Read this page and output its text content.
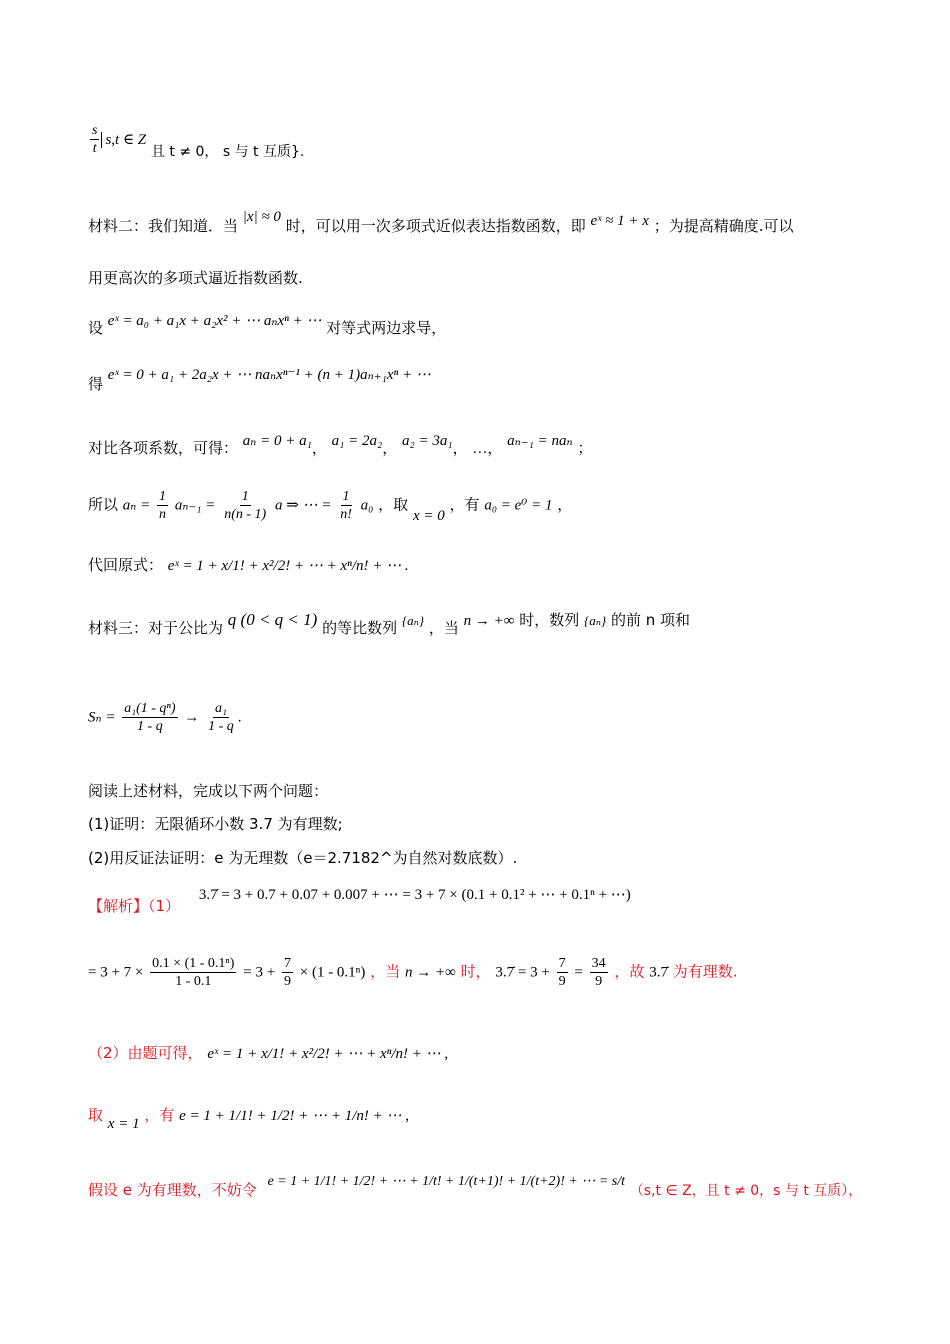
$\frac{s}{t} s,t$ ∈ Z 且 t ≠ 0， s 与 t 互质}.
材料二：我们知道．当 |x| ≈ 0 时，可以用一次多项式近似表达指数函数，即 eˣ ≈ 1 + x ；为提高精确度.可以
用更高次的多项式逼近指数函数.
设 eˣ = a₀ + a₁x + a₂x² + ⋯ aₙxⁿ + ⋯ 对等式两边求导，
得 eˣ = 0 + a₁ + 2a₂x + ⋯ naₙxⁿ⁻¹ + (n + 1)aₙ₊₁xⁿ + ⋯
对比各项系数，可得： aₙ = 0 + a₁， a₁ = 2a₂， a₂ = 3a₁， …， aₙ₋₁ = naₙ ；
所以 $a_n = \frac{1}{n} a_{n-1} = \frac{1}{n(n - 1)}$ a ⇒ ⋯ = $\frac{1}{n!} a_0$ ，取 x = 0 ，有 a₀ = e⁰ = 1 ，
代回原式： eˣ = 1 + x/1! + x²/2! + ⋯ + xⁿ/n! + ⋯ .
材料三：对于公比为 q (0 < q < 1) 的等比数列 {aₙ} ，当 n → +∞ 时，数列 {aₙ} 的前 n 项和
$S_n = \frac{\text{a₁(1 - qⁿ)}}{1 - q} \to \frac{\text{a₁}}{1 - q}$ .
阅读上述材料，完成以下两个问题：
(1)证明：无限循环小数 3.7 为有理数;
(2)用反证法证明：e 为无理数（e＝2.7182^为自然对数底数）.
【解析】（1） 3.7̇ = 3 + 0.7 + 0.07 + 0.007 + ⋯ = 3 + 7 × (0.1 + 0.1² + ⋯ + 0.1ⁿ + ⋯)
= $3 + 7 \times \frac{\text{0.1 × (1 - 0.1ⁿ)}}{1 - 0.1} = 3 + \frac{7}{9} \times (1 - 0.1^n)$ ，当 n → +∞ 时， 3.7̇ = $3 + \frac{7}{9} = \frac{34}{9}$ ，故 3.7̇ 为有理数.
（2）由题可得， eˣ = 1 + x/1! + x²/2! + ⋯ + xⁿ/n! + ⋯ ,
取 x = 1 ，有 e = 1 + 1/1! + 1/2! + ⋯ + 1/n! + ⋯ ,
假设 e 为有理数，不妨令 e = 1 + 1/1! + 1/2! + ⋯ + 1/t! + 1/(t+1)! + 1/(t+2)! + ⋯ = s/t （s,t ∈ Z，且 t ≠ 0，s 与 t 互质），
